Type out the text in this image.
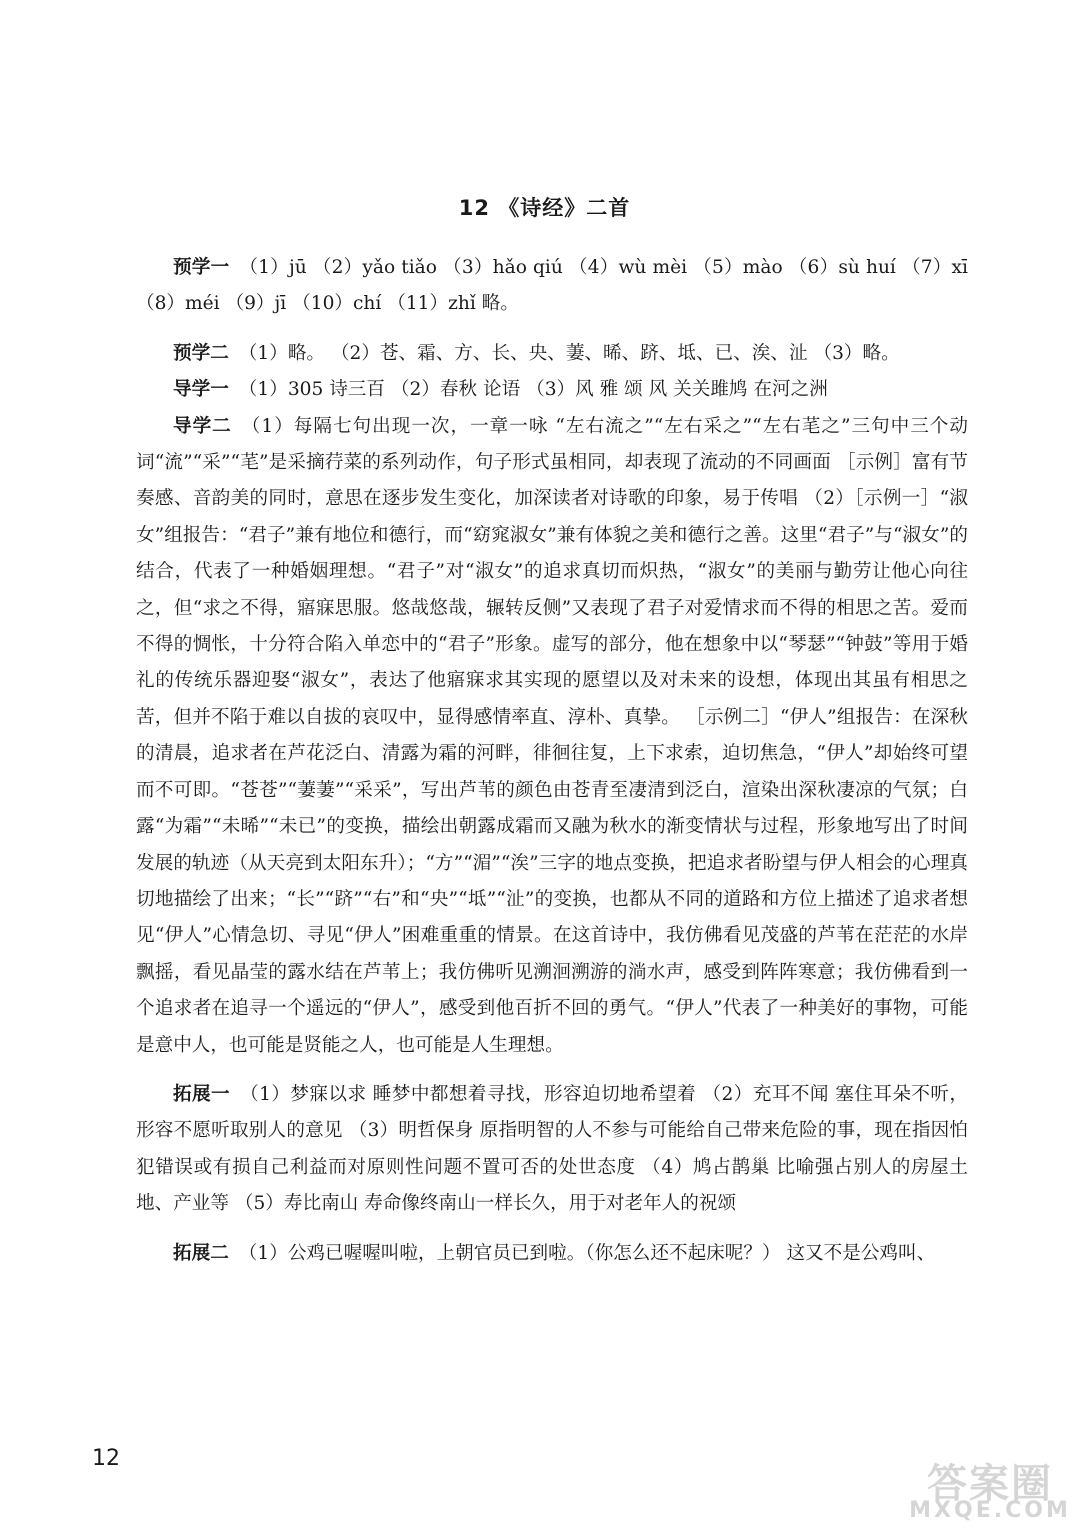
12 《诗经》二首

预学一 （1）jū （2）yǎo tiǎo （3）hǎo qiú （4）wù mèi （5）mào （6）sù huí （7）xī （8）méi （9）jī （10）chí （11）zhǐ 略。

预学二 （1）略。 （2）苍、霜、方、长、央、萋、晞、跻、坻、已、涘、沚 （3）略。

导学一 （1）305 诗三百 （2）春秋 论语 （3）风 雅 颂 风 关关雎鸠 在河之洲

导学二 （1）每隔七句出现一次，一章一咏 “左右流之”“左右采之”“左右芼之”三句中三个动词“流”“采”“芼”是采摘荇菜的系列动作，句子形式虽相同，却表现了流动的不同画面 ［示例］富有节奏感、音韵美的同时，意思在逐步发生变化，加深读者对诗歌的印象，易于传唱 （2）［示例一］“淑女”组报告：“君子”兼有地位和德行，而“窈窕淑女”兼有体貌之美和德行之善。这里“君子”与“淑女”的结合，代表了一种婚姻理想。“君子”对“淑女”的追求真切而炽热，“淑女”的美丽与勤劳让他心向往之，但“求之不得，寤寐思服。悠哉悠哉，辗转反侧”又表现了君子对爱情求而不得的相思之苦。爱而不得的惆怅，十分符合陷入单恋中的“君子”形象。虚写的部分，他在想象中以“琴瑟”“钟鼓”等用于婚礼的传统乐器迎娶“淑女”，表达了他寤寐求其实现的愿望以及对未来的设想，体现出其虽有相思之苦，但并不陷于难以自拔的哀叹中，显得感情率直、淳朴、真挚。 ［示例二］“伊人”组报告：在深秋的清晨，追求者在芦花泛白、清露为霜的河畔，徘徊往复，上下求索，迫切焦急，“伊人”却始终可望而不可即。“苍苍”“萋萋”“采采”，写出芦苇的颜色由苍青至凄清到泛白，渲染出深秋凄凉的气氛；白露“为霜”“未晞”“未已”的变换，描绘出朝露成霜而又融为秋水的渐变情状与过程，形象地写出了时间发展的轨迹（从天亮到太阳东升）；“方”“湄”“涘”三字的地点变换，把追求者盼望与伊人相会的心理真切地描绘了出来；“长”“跻”“右”和“央”“坻”“沚”的变换，也都从不同的道路和方位上描述了追求者想见“伊人”心情急切、寻见“伊人”困难重重的情景。在这首诗中，我仿佛看见茂盛的芦苇在茫茫的水岸飘摇，看见晶莹的露水结在芦苇上；我仿佛听见溯洄溯游的淌水声，感受到阵阵寒意；我仿佛看到一个追求者在追寻一个遥远的“伊人”，感受到他百折不回的勇气。“伊人”代表了一种美好的事物，可能是意中人，也可能是贤能之人，也可能是人生理想。

拓展一 （1）梦寐以求 睡梦中都想着寻找，形容迫切地希望着 （2）充耳不闻 塞住耳朵不听，形容不愿听取别人的意见 （3）明哲保身 原指明智的人不参与可能给自己带来危险的事，现在指因怕犯错误或有损自己利益而对原则性问题不置可否的处世态度 （4）鸠占鹊巢 比喻强占别人的房屋土地、产业等 （5）寿比南山 寿命像终南山一样长久，用于对老年人的祝颂

拓展二 （1）公鸡已喔喔叫啦，上朝官员已到啦。（你怎么还不起床呢？） 这又不是公鸡叫、

12
答案圈
MXQE.COM
